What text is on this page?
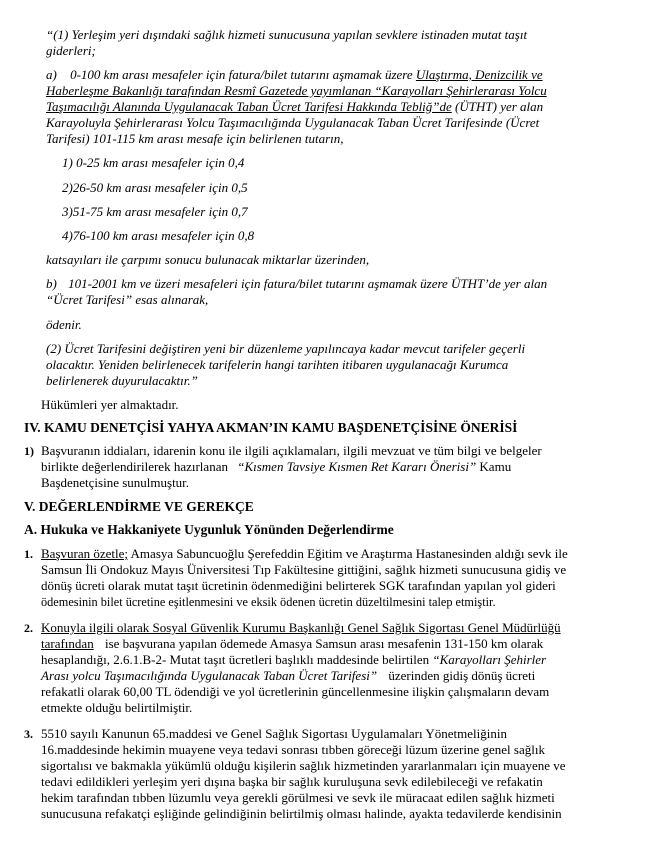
“(1) Yerleşim yeri dışındaki sağlık hizmeti sunucusuna yapılan sevklere istinaden mutat taşıt
giderleri;
a) 0-100 km arası mesafeler için fatura/bilet tutarını aşmamak üzere Ulaştırma, Denizcilik ve
Haberleşme Bakanlığı tarafından Resmî Gazetede yayımlanan “Karayolları Şehirlerarası Yolcu
Taşımacılığı Alanında Uygulanacak Taban Ücret Tarifesi Hakkında Tebliğ”de (ÜTHT) yer alan
Karayoluyla Şehirlerarası Yolcu Taşımacılığında Uygulanacak Taban Ücret Tarifesinde (Ücret
Tarifesi) 101-115 km arası mesafe için belirlenen tutarın,
1) 0-25 km arası mesafeler için 0,4
2)26-50 km arası mesafeler için 0,5
3)51-75 km arası mesafeler için 0,7
4)76-100 km arası mesafeler için 0,8
katsayıları ile çarpımı sonucu bulunacak miktarlar üzerinden,
b) 101-2001 km ve üzeri mesafeleri için fatura/bilet tutarını aşmamak üzere ÜTHT’de yer alan
“Ücret Tarifesi” esas alınarak,
ödenir.
(2) Ücret Tarifesini değiştiren yeni bir düzenleme yapılıncaya kadar mevcut tarifeler geçerli
olacaktır. Yeniden belirlenecek tarifelerin hangi tarihten itibaren uygulanacağı Kurumca
belirlenerek duyurulacaktır.”
Hükümleri yer almaktadır.
IV. KAMU DENETÇİSİ YAHYA AKMAN’IN KAMU BAŞDENETÇİSİNE ÖNERİSİ
1) Başvuranın iddiaları, idarenin konu ile ilgili açıklamaları, ilgili mevzuat ve tüm bilgi ve belgeler
birlikte değerlendirilerek hazırlanan “Kısmen Tavsiye Kısmen Ret Kararı Önerisi” Kamu
Başdenetçisine sunulmuştur.
V. DEĞERLENDİRME VE GEREKÇE
A. Hukuka ve Hakkaniyete Uygunluk Yönünden Değerlendirme
1. Başvuran özetle; Amasya Sabuncuoğlu Şerefeddin Eğitim ve Araştırma Hastanesinden aldığı sevk ile
Samsun İli Ondokuz Mayıs Üniversitesi Tıp Fakültesine gittiğini, sağlık hizmeti sunucusuna gidiş ve
dönüş ücreti olarak mutat taşıt ücretinin ödenmediğini belirterek SGK tarafından yapılan yol gideri
ödemesinin bilet ücretine eşitlenmesini ve eksik ödenen ücretin düzeltilmesini talep etmiştir.
2. Konuyla ilgili olarak Sosyal Güvenlik Kurumu Başkanlığı Genel Sağlık Sigortası Genel Müdürlüğü
tarafından ise başvurana yapılan ödemede Amasya Samsun arası mesafenin 131-150 km olarak
hesaplandığı, 2.6.1.B-2- Mutat taşıt ücretleri başlıklı maddesinde belirtilen “Karayolları Şehirler
Arası yolcu Taşımacılığında Uygulanacak Taban Ücret Tarifesi” üzerinden gidiş dönüş ücreti
refakatli olarak 60,00 TL ödendiği ve yol ücretlerinin güncellenmesine ilişkin çalışmaların devam
etmekte olduğu belirtilmiştir.
3. 5510 sayılı Kanunun 65.maddesi ve Genel Sağlık Sigortası Uygulamaları Yönetmeliğinin
16.maddesinde hekimin muayene veya tedavi sonrası tıbben göreceği lüzum üzerine genel sağlık
sigortalısı ve bakmakla yükümlü olduğu kişilerin sağlık hizmetinden yararlanmaları için muayene ve
tedavi edildikleri yerleşim yeri dışına başka bir sağlık kuruluşuna sevk edilebileceği ve refakatin
hekim tarafından tıbben lüzumlu veya gerekli görülmesi ve sevk ile müracaat edilen sağlık hizmeti
sunucusuna refakatçi eşliğinde gelindiğinin belirtilmiş olması halinde, ayakta tedavilerde kendisinin
